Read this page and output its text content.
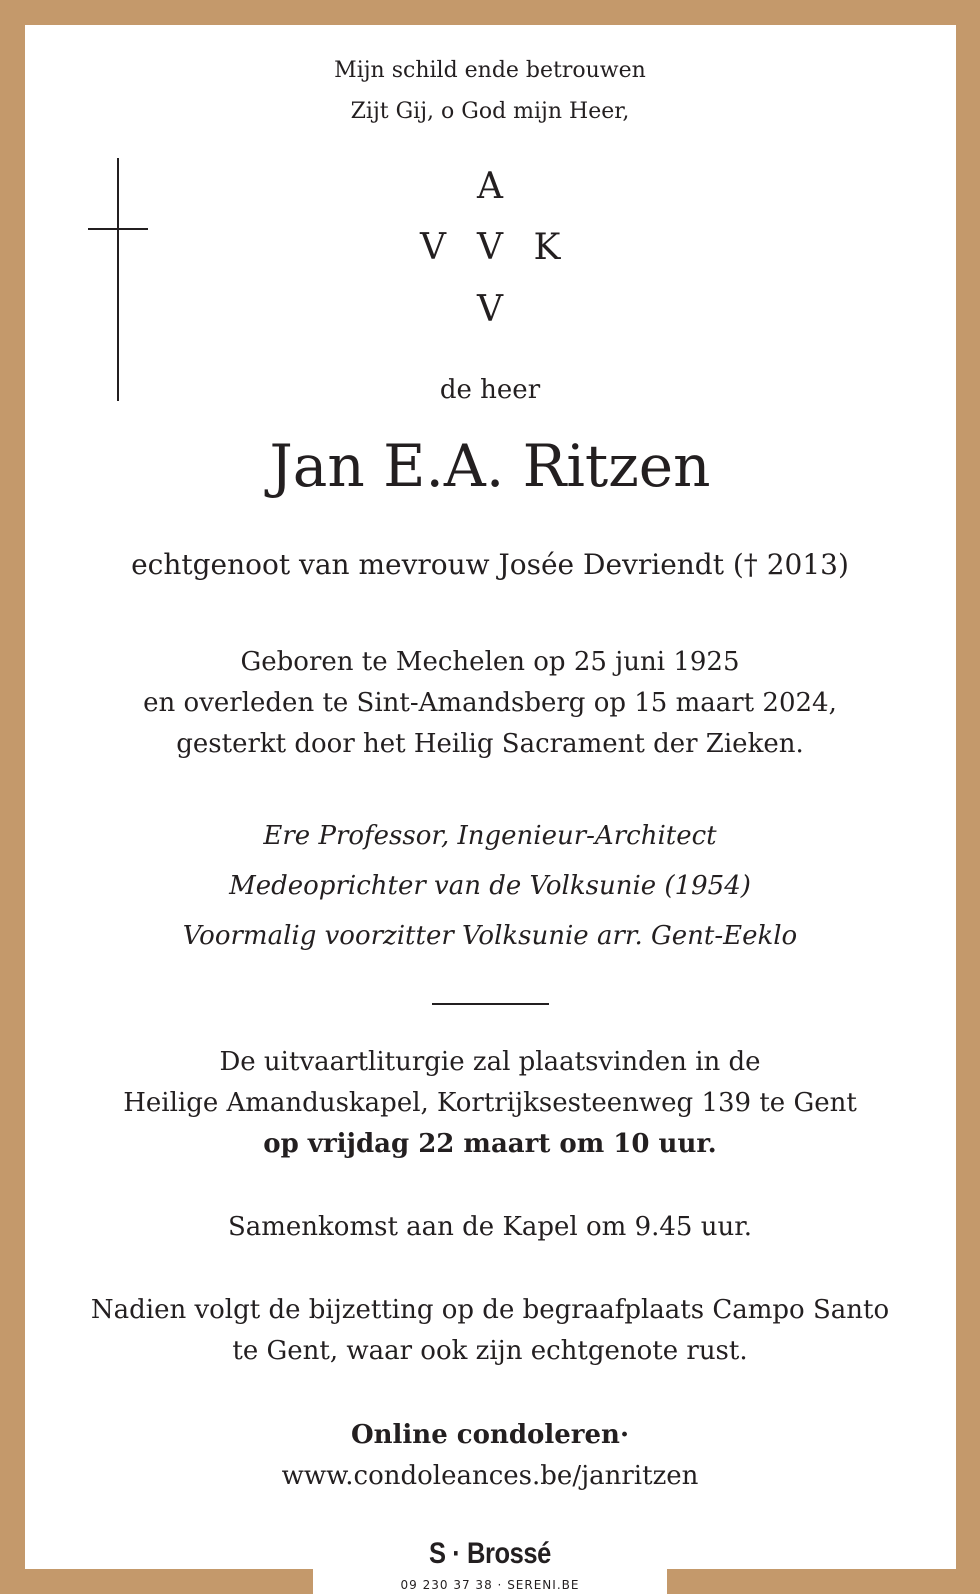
Mijn schild ende betrouwen
Zijt Gij, o God mijn Heer,
A
V V K
V
de heer
Jan E.A. Ritzen
echtgenoot van mevrouw Josée Devriendt († 2013)
Geboren te Mechelen op 25 juni 1925
en overleden te Sint-Amandsberg op 15 maart 2024,
gesterkt door het Heilig Sacrament der Zieken.
Ere Professor, Ingenieur-Architect
Medeoprichter van de Volksunie (1954)
Voormalig voorzitter Volksunie arr. Gent-Eeklo
De uitvaartliturgie zal plaatsvinden in de
Heilige Amanduskapel, Kortrijksesteenweg 139 te Gent
op vrijdag 22 maart om 10 uur.
Samenkomst aan de Kapel om 9.45 uur.
Nadien volgt de bijzetting op de begraafplaats Campo Santo
te Gent, waar ook zijn echtgenote rust.
Online condoleren·
www.condoleances.be/janritzen
S · Brossé
09 230 37 38 · SERENI.BE
